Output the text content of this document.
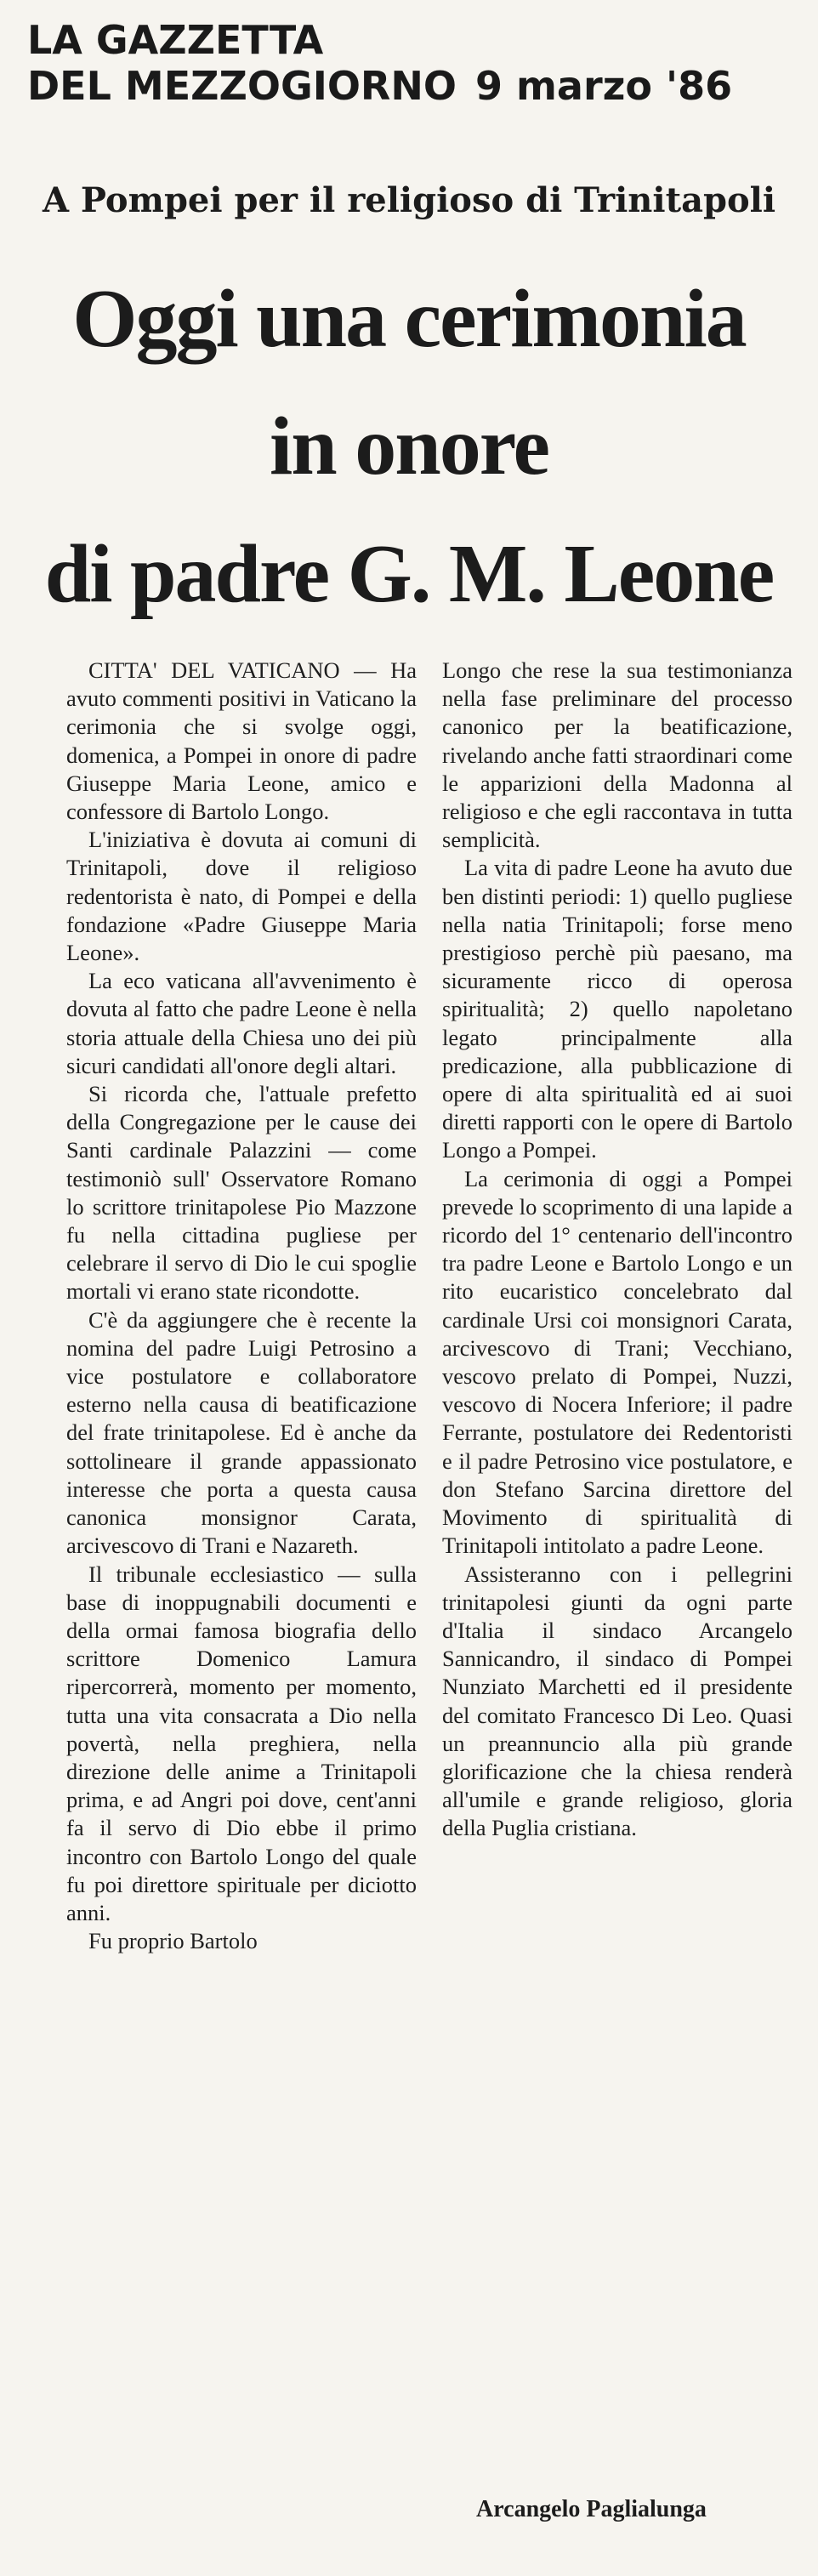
LA GAZZETTA
DEL MEZZOGIORNO 9 marzo '86
A Pompei per il religioso di Trinitapoli
Oggi una cerimonia
in onore
di padre G. M. Leone

CITTA' DEL VATICANO — Ha avuto commenti positivi in Vaticano la cerimonia che si svolge oggi, domenica, a Pompei in onore di padre Giuseppe Maria Leone, amico e confessore di Bartolo Longo.

L'iniziativa è dovuta ai comuni di Trinitapoli, dove il religioso redentorista è nato, di Pompei e della fondazione «Padre Giuseppe Maria Leone».

La eco vaticana all'avvenimento è dovuta al fatto che padre Leone è nella storia attuale della Chiesa uno dei più sicuri candidati all'onore degli altari.

Si ricorda che, l'attuale prefetto della Congregazione per le cause dei Santi cardinale Palazzini — come testimoniò sull' Osservatore Romano lo scrittore trinitapolese Pio Mazzone fu nella cittadina pugliese per celebrare il servo di Dio le cui spoglie mortali vi erano state ricondotte.

C'è da aggiungere che è recente la nomina del padre Luigi Petrosino a vice postulatore e collaboratore esterno nella causa di beatificazione del frate trinitapolese. Ed è anche da sottolineare il grande appassionato interesse che porta a questa causa canonica monsignor Carata, arcivescovo di Trani e Nazareth.

Il tribunale ecclesiastico — sulla base di inoppugnabili documenti e della ormai famosa biografia dello scrittore Domenico Lamura ripercorrerà, momento per momento, tutta una vita consacrata a Dio nella povertà, nella preghiera, nella direzione delle anime a Trinitapoli prima, e ad Angri poi dove, cent'anni fa il servo di Dio ebbe il primo incontro con Bartolo Longo del quale fu poi direttore spirituale per diciotto anni.

Fu proprio Bartolo

Longo che rese la sua testimonianza nella fase preliminare del processo canonico per la beatificazione, rivelando anche fatti straordinari come le apparizioni della Madonna al religioso e che egli raccontava in tutta semplicità.

La vita di padre Leone ha avuto due ben distinti periodi: 1) quello pugliese nella natia Trinitapoli; forse meno prestigioso perchè più paesano, ma sicuramente ricco di operosa spiritualità; 2) quello napoletano legato principalmente alla predicazione, alla pubblicazione di opere di alta spiritualità ed ai suoi diretti rapporti con le opere di Bartolo Longo a Pompei.

La cerimonia di oggi a Pompei prevede lo scoprimento di una lapide a ricordo del 1° centenario dell'incontro tra padre Leone e Bartolo Longo e un rito eucaristico concelebrato dal cardinale Ursi coi monsignori Carata, arcivescovo di Trani; Vecchiano, vescovo prelato di Pompei, Nuzzi, vescovo di Nocera Inferiore; il padre Ferrante, postulatore dei Redentoristi e il padre Petrosino vice postulatore, e don Stefano Sarcina direttore del Movimento di spiritualità di Trinitapoli intitolato a padre Leone.

Assisteranno con i pellegrini trinitapolesi giunti da ogni parte d'Italia il sindaco Arcangelo Sannicandro, il sindaco di Pompei Nunziato Marchetti ed il presidente del comitato Francesco Di Leo. Quasi un preannuncio alla più grande glorificazione che la chiesa renderà all'umile e grande religioso, gloria della Puglia cristiana.

Arcangelo Paglialunga
